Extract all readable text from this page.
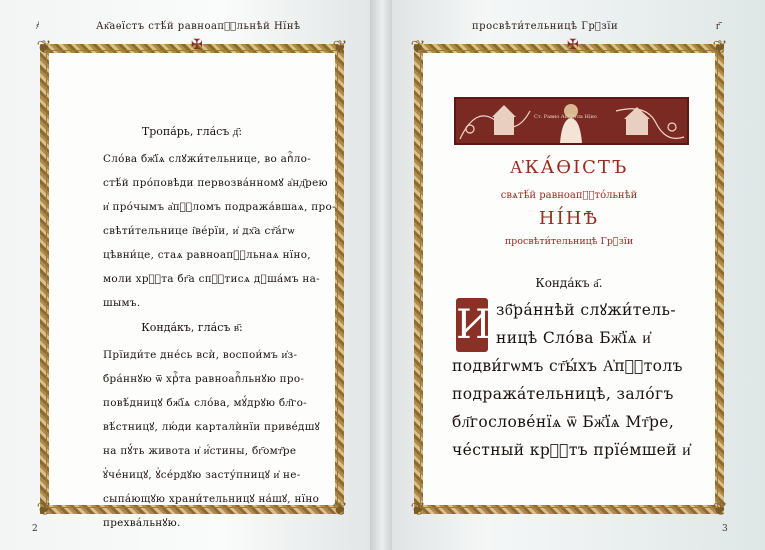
҂	Ак҃аѳїстъ стѣ́й равноапⷭ҇льнѣй Нїнѣ
✠
❦	❦
❦	❦
Тропа́рь, гла́съ д҃:
Сло́ва бж҃їѧ слꙋжи́тельнице, во апⷭ҇ло-
стѣ́й про́повѣди первозва́нномꙋ а҆нд҃рею
и҆ про́чымъ а҆пⷭ҇ломъ подража́вшаѧ, про-
свѣти́тельнице і҆ве́рїи, и҆ дх҃а ст҃а́гѡ
цѣвни́це, стаѧ равноапⷭ҇льнаѧ нїно,
моли хрⷭ҇та бг҃а спⷭ҇тисѧ дꙋша́мъ на-
шымъ.
Конда́къ, гла́съ в҃:
Прїиди́те дне́сь всѝ, воспои́мъ и҆з-
бра́ннꙋю ѿ хрⷭ҇та равноапⷭ҇льнꙋю про-
повѣ́дницꙋ бж҃їѧ сло́ва, мꙋ́дрꙋю бл҃го-
вѣ́стницꙋ, лю́ди карталѝнїи приве́дшꙋ
на пꙋ́ть живота и҆ и҆́стины, бг҃омт҃ре
ꙋ҆че́ницꙋ, ꙋ҆се́рдꙋю засту́пницꙋ и҆ не-
сыпа́ющꙋю храни́тельницꙋ на́шꙋ, нїно
прехва́льнꙋю.
2
просвѣти́тельницѣ Гр꙽зїи	г҃
✠
❦	❦
❦	❦
Ст. Равно Апⷭ҇тла Нїно
А҆КА́ѲІСТЪ
свѧтѣ́й равноапⷭ҇то́льнѣй
НІ́НѢ
просвѣти́тельницѣ Гр꙽зїи
Конда́къ а҃.
И зб҃ра́ннѣй слꙋжи́тель-
ницѣ Сло́ва Бж҃їѧ и҆
подви́гѡмъ ст҃ы́хъ А҆пⷭ҇толъ
подража́тельницѣ, зало́гъ
бл҃гослове́нїѧ ѿ Бж҃їѧ Мт҃ре,
че́стный крⷭ҇тъ прїе́мшей и҆
3
